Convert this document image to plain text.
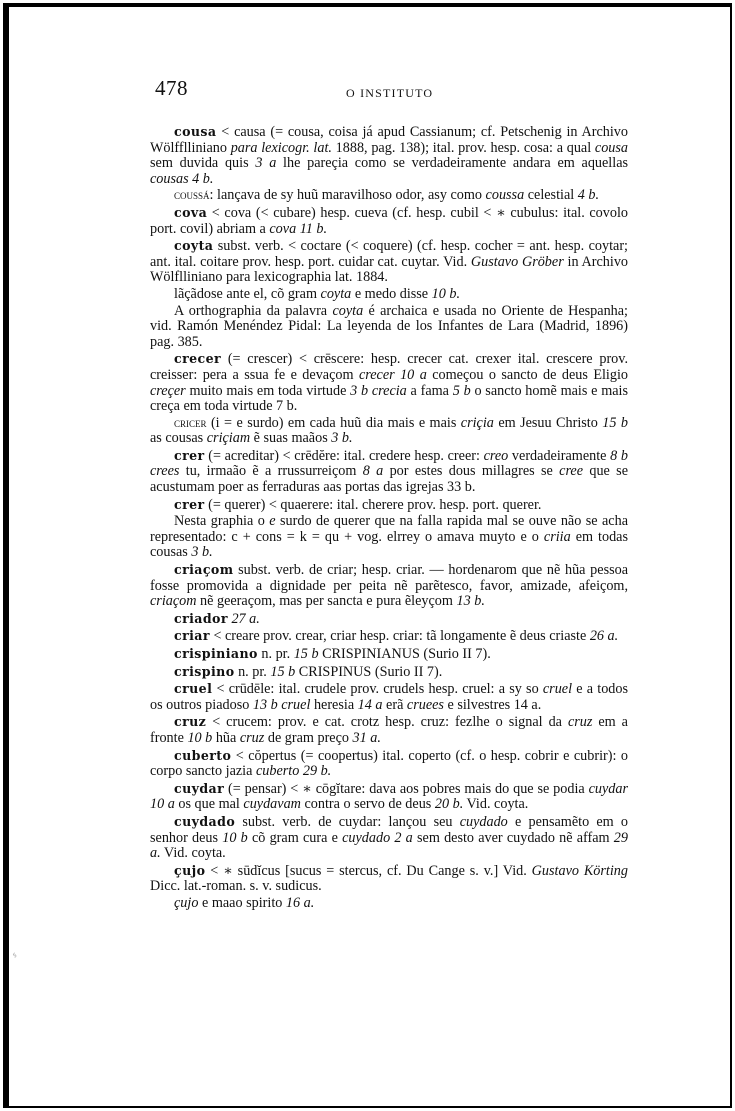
478	O INSTITUTO
cousa < causa (= cousa, coisa já apud Cassianum; cf. Petschenig in Archivo Wölfflliniano para lexicogr. lat. 1888, pag. 138); ital. prov. hesp. cosa: a qual cousa sem duvida quis 3 a lhe pareçia como se verdadeiramente andara em aquellas cousas 4 b.
coussá: lançava de sy huũ maravilhoso odor, asy como coussa celestial 4 b.
cova < cova (< cubare) hesp. cueva (cf. hesp. cubil < ∗ cubulus: ital. covolo port. covil) abriam a cova 11 b.
coyta subst. verb. < coctare (< coquere) (cf. hesp. cocher = ant. hesp. coytar; ant. ital. coitare prov. hesp. port. cuidar cat. cuytar. Vid. Gustavo Gröber in Archivo Wölflliniano para lexicographia lat. 1884.
lãçãdose ante el, cõ gram coyta e medo disse 10 b.
A orthographia da palavra coyta é archaica e usada no Oriente de Hespanha; vid. Ramón Menéndez Pidal: La leyenda de los Infantes de Lara (Madrid, 1896) pag. 385.
crecer (= crescer) < crēscere: hesp. crecer cat. crexer ital. crescere prov. creisser: pera a ssua fe e devaçom crecer 10 a começou o sancto de deus Eligio creçer muito mais em toda virtude 3 b crecia a fama 5 b o sancto homẽ mais e mais creça em toda virtude 7 b.
cricer (i = e surdo) em cada huũ dia mais e mais criçia em Jesuu Christo 15 b as cousas criçiam ẽ suas maãos 3 b.
crer (= acreditar) < crēdĕre: ital. credere hesp. creer: creo verdadeiramente 8 b crees tu, irmaão ẽ a rrussurreiçom 8 a por estes dous millagres se cree que se acustumam poer as ferraduras aas portas das igrejas 33 b.
crer (= querer) < quaerere: ital. cherere prov. hesp. port. querer.
Nesta graphia o e surdo de querer que na falla rapida mal se ouve não se acha representado: c + cons = k = qu + vog. elrrey o amava muyto e o criia em todas cousas 3 b.
criaçom subst. verb. de criar; hesp. criar. — hordenarom que nẽ hũa pessoa fosse promovida a dignidade per peita nẽ parẽtesco, favor, amizade, afeiçom, criaçom nẽ geeraçom, mas per sancta e pura ẽleyçom 13 b.
criador 27 a.
criar < creare prov. crear, criar hesp. criar: tã longamente ẽ deus criaste 26 a.
crispiniano n. pr. 15 b CRISPINIANUS (Surio II 7).
crispino n. pr. 15 b CRISPINUS (Surio II 7).
cruel < crūdēle: ital. crudele prov. crudels hesp. cruel: a sy so cruel e a todos os outros piadoso 13 b cruel heresia 14 a erã cruees e silvestres 14 a.
cruz < crucem: prov. e cat. crotz hesp. cruz: fezlhe o signal da cruz em a fronte 10 b hũa cruz de gram preço 31 a.
cuberto < cŏpertus (= coopertus) ital. coperto (cf. o hesp. cobrir e cubrir): o corpo sancto jazia cuberto 29 b.
cuydar (= pensar) < ∗ cōgĭtare: dava aos pobres mais do que se podia cuydar 10 a os que mal cuydavam contra o servo de deus 20 b. Vid. coyta.
cuydado subst. verb. de cuydar: lançou seu cuydado e pensamẽto em o senhor deus 10 b cõ gram cura e cuydado 2 a sem desto aver cuydado nẽ affam 29 a. Vid. coyta.
çujo < ∗ sūdĭcus [sucus = stercus, cf. Du Cange s. v.] Vid. Gustavo Körting Dicc. lat.-roman. s. v. sudicus.
çujo e maao spirito 16 a.
ᛃ
